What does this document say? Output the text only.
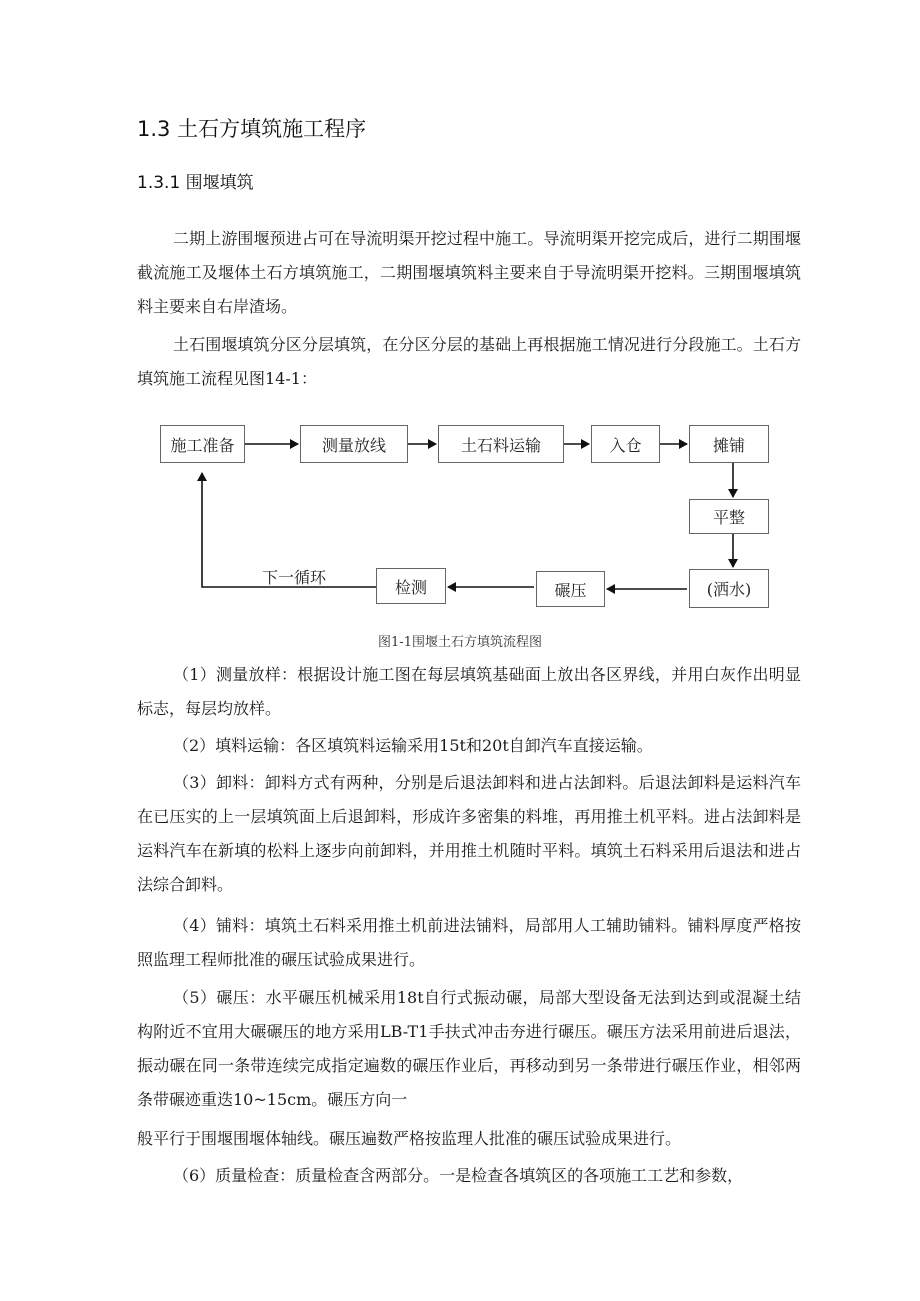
1.3 土石方填筑施工程序
1.3.1 围堰填筑

二期上游围堰预进占可在导流明渠开挖过程中施工。导流明渠开挖完成后，进行二期围堰截流施工及堰体土石方填筑施工，二期围堰填筑料主要来自于导流明渠开挖料。三期围堰填筑料主要来自右岸渣场。

土石围堰填筑分区分层填筑，在分区分层的基础上再根据施工情况进行分段施工。土石方填筑施工流程见图14-1：

施工准备	测量放线	土石料运输	入仓	摊铺
平整
(洒水)
碾压
检测
下一循环
图1-1围堰土石方填筑流程图

（1）测量放样：根据设计施工图在每层填筑基础面上放出各区界线，并用白灰作出明显标志，每层均放样。

（2）填料运输：各区填筑料运输采用15t和20t自卸汽车直接运输。

（3）卸料：卸料方式有两种，分别是后退法卸料和进占法卸料。后退法卸料是运料汽车在已压实的上一层填筑面上后退卸料，形成许多密集的料堆，再用推土机平料。进占法卸料是运料汽车在新填的松料上逐步向前卸料，并用推土机随时平料。填筑土石料采用后退法和进占法综合卸料。

（4）铺料：填筑土石料采用推土机前进法铺料，局部用人工辅助铺料。铺料厚度严格按照监理工程师批准的碾压试验成果进行。

（5）碾压：水平碾压机械采用18t自行式振动碾，局部大型设备无法到达到或混凝土结构附近不宜用大碾碾压的地方采用LB-T1手扶式冲击夯进行碾压。碾压方法采用前进后退法，振动碾在同一条带连续完成指定遍数的碾压作业后，再移动到另一条带进行碾压作业，相邻两条带碾迹重迭10~15cm。碾压方向一

般平行于围堰围堰体轴线。碾压遍数严格按监理人批准的碾压试验成果进行。

（6）质量检查：质量检查含两部分。一是检查各填筑区的各项施工工艺和参数，
